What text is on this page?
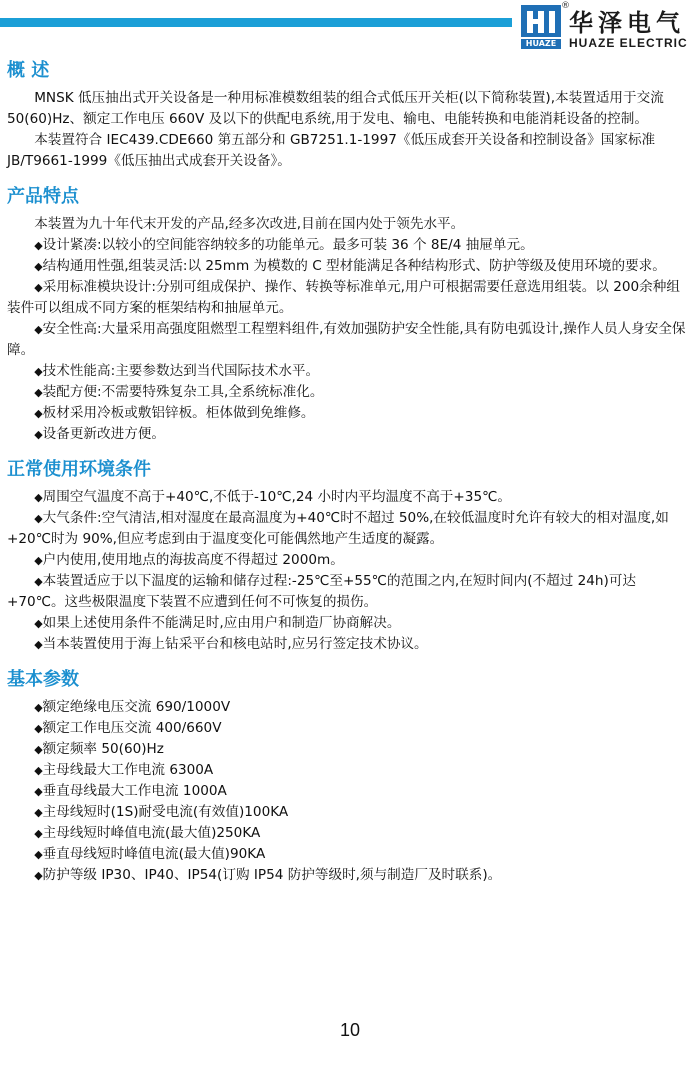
®
HUAZE
华泽电气
HUAZE ELECTRIC
概 述

MNSK 低压抽出式开关设备是一种用标准模数组装的组合式低压开关柜(以下简称装置),本装置适用于交流 50(60)Hz、额定工作电压 660V 及以下的供配电系统,用于发电、输电、电能转换和电能消耗设备的控制。

本装置符合 IEC439.CDE660 第五部分和 GB7251.1-1997《低压成套开关设备和控制设备》国家标准JB/T9661-1999《低压抽出式成套开关设备》。

产品特点

本装置为九十年代末开发的产品,经多次改进,目前在国内处于领先水平。

◆设计紧凑:以较小的空间能容纳较多的功能单元。最多可装 36 个 8E/4 抽屉单元。

◆结构通用性强,组装灵活:以 25mm 为模数的 C 型材能满足各种结构形式、防护等级及使用环境的要求。

◆采用标准模块设计:分别可组成保护、操作、转换等标准单元,用户可根据需要任意选用组装。以 200余种组装件可以组成不同方案的框架结构和抽屉单元。

◆安全性高:大量采用高强度阻燃型工程塑料组件,有效加强防护安全性能,具有防电弧设计,操作人员人身安全保障。

◆技术性能高:主要参数达到当代国际技术水平。

◆装配方便:不需要特殊复杂工具,全系统标准化。

◆板材采用冷板或敷铝锌板。柜体做到免维修。

◆设备更新改进方便。

正常使用环境条件

◆周围空气温度不高于+40℃,不低于-10℃,24 小时内平均温度不高于+35℃。

◆大气条件:空气清洁,相对湿度在最高温度为+40℃时不超过 50%,在较低温度时允许有较大的相对温度,如+20℃时为 90%,但应考虑到由于温度变化可能偶然地产生适度的凝露。

◆户内使用,使用地点的海拔高度不得超过 2000m。

◆本装置适应于以下温度的运输和储存过程:-25℃至+55℃的范围之内,在短时间内(不超过 24h)可达+70℃。这些极限温度下装置不应遭到任何不可恢复的损伤。

◆如果上述使用条件不能满足时,应由用户和制造厂协商解决。

◆当本装置使用于海上钻采平台和核电站时,应另行签定技术协议。

基本参数

◆额定绝缘电压交流 690/1000V

◆额定工作电压交流 400/660V

◆额定频率 50(60)Hz

◆主母线最大工作电流 6300A

◆垂直母线最大工作电流 1000A

◆主母线短时(1S)耐受电流(有效值)100KA

◆主母线短时峰值电流(最大值)250KA

◆垂直母线短时峰值电流(最大值)90KA

◆防护等级 IP30、IP40、IP54(订购 IP54 防护等级时,须与制造厂及时联系)。

10
